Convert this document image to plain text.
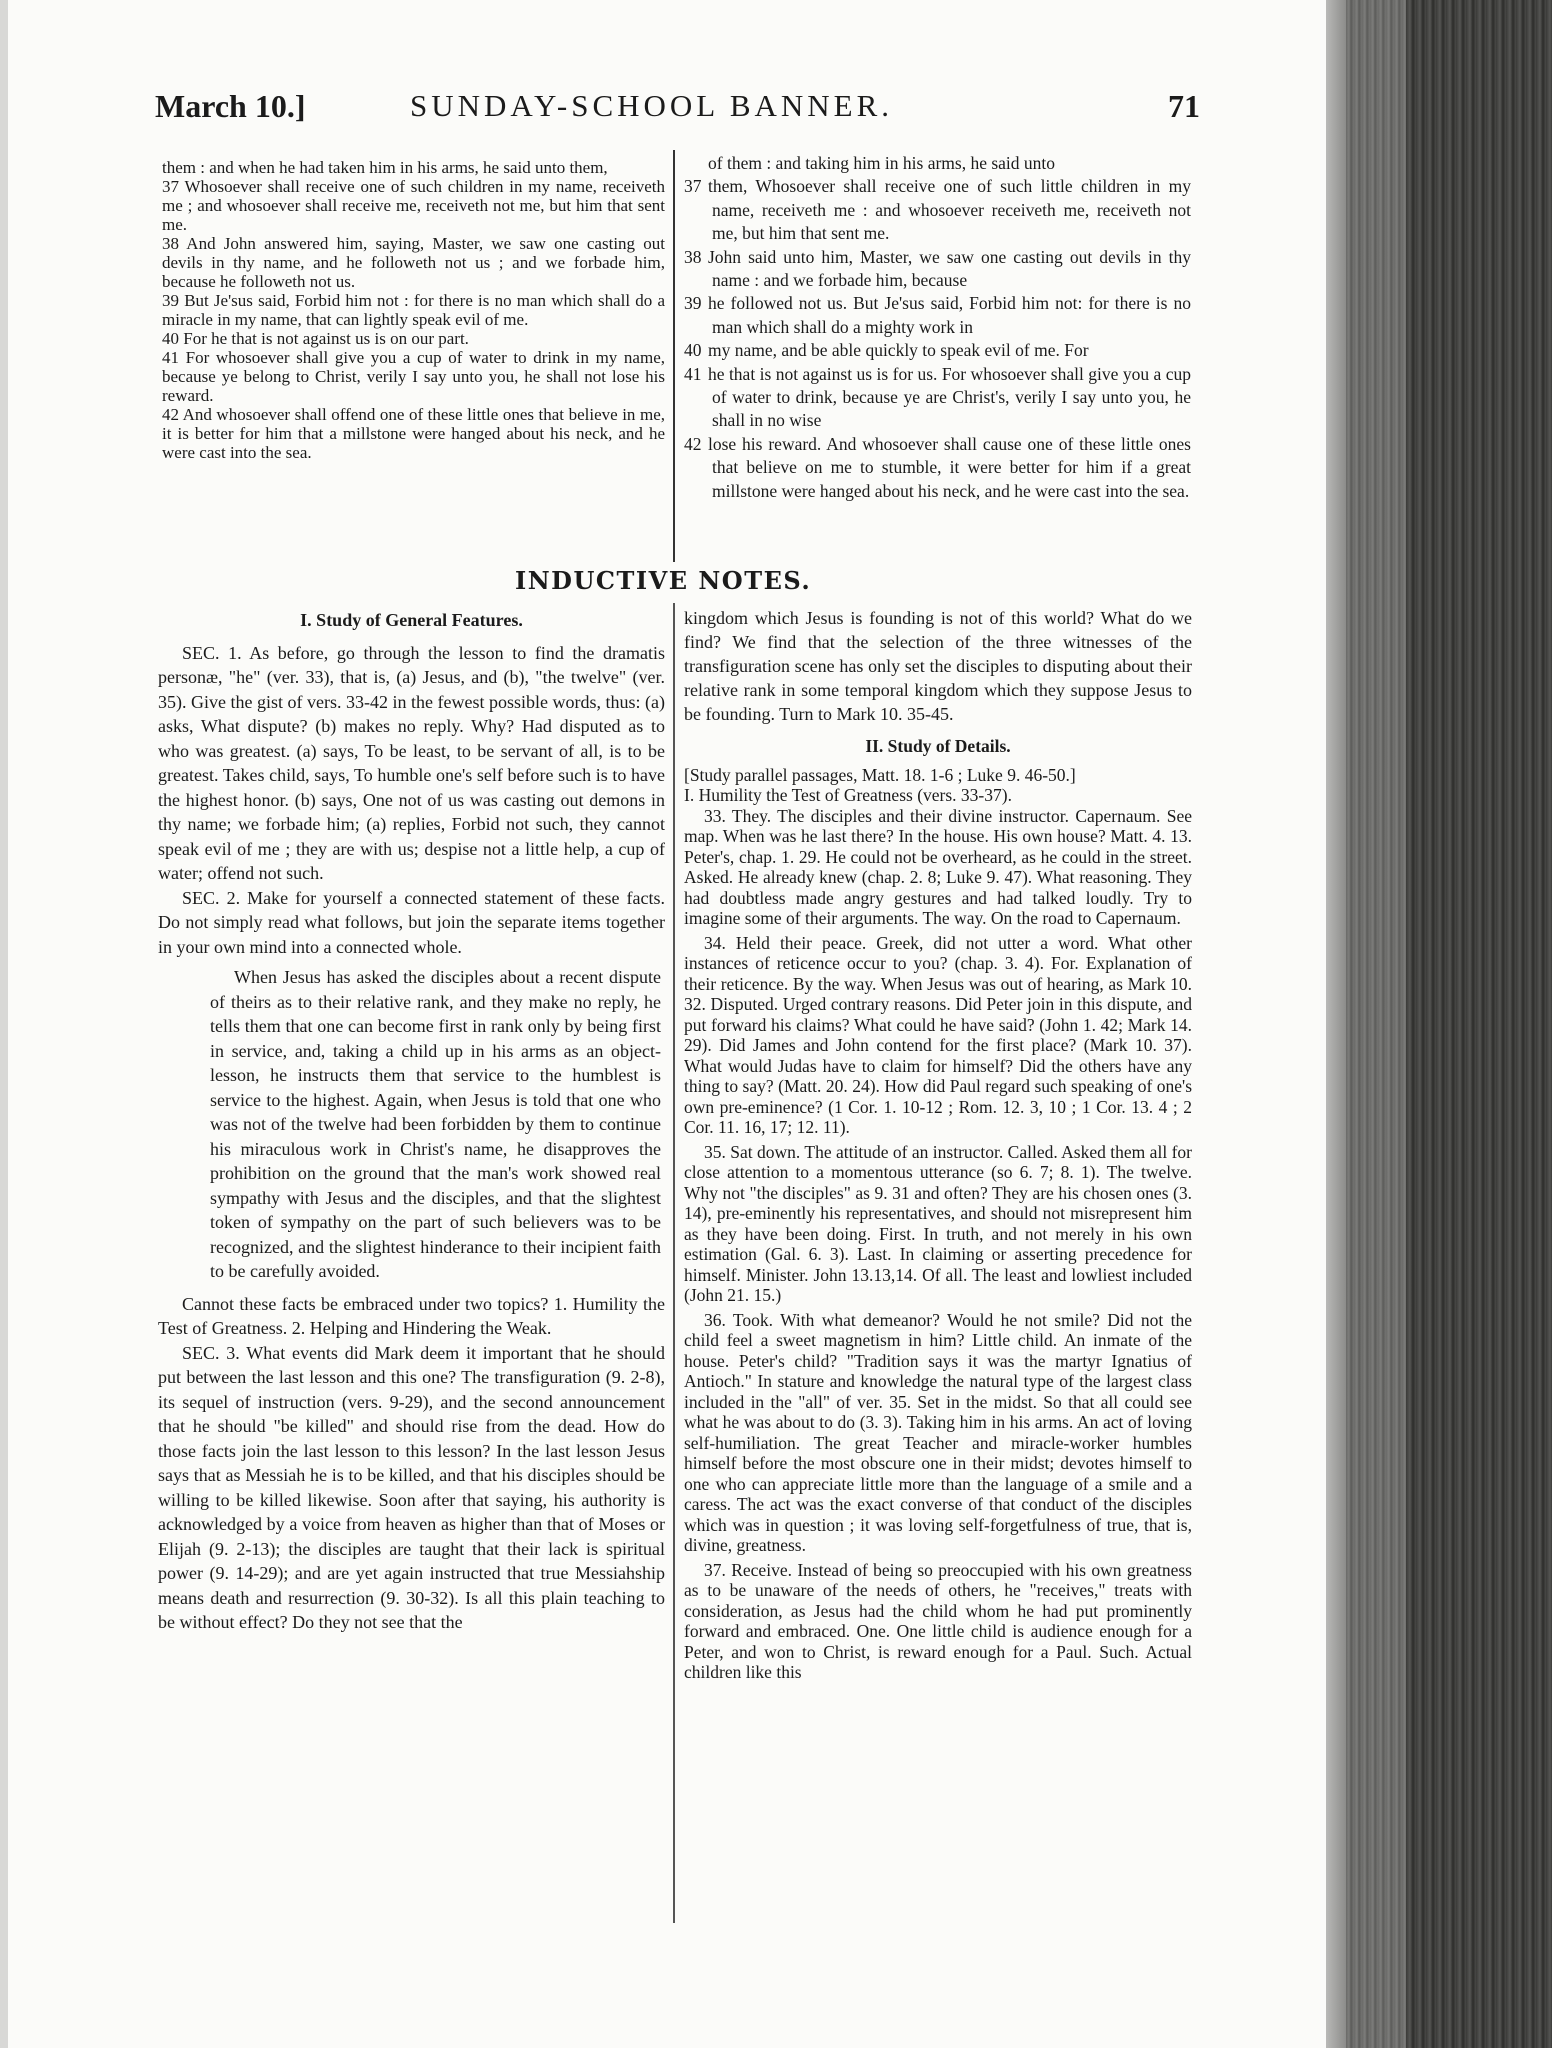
March 10.]	SUNDAY-SCHOOL BANNER.	71

them : and when he had taken him in his arms, he said unto them,

37 Whosoever shall receive one of such children in my name, receiveth me ; and whosoever shall receive me, receiveth not me, but him that sent me.

38 And John answered him, saying, Master, we saw one casting out devils in thy name, and he followeth not us ; and we forbade him, because he followeth not us.

39 But Je'sus said, Forbid him not : for there is no man which shall do a miracle in my name, that can lightly speak evil of me.

40 For he that is not against us is on our part.

41 For whosoever shall give you a cup of water to drink in my name, because ye belong to Christ, verily I say unto you, he shall not lose his reward.

42 And whosoever shall offend one of these little ones that believe in me, it is better for him that a millstone were hanged about his neck, and he were cast into the sea.

of them : and taking him in his arms, he said unto

37 them, Whosoever shall receive one of such little children in my name, receiveth me : and whosoever receiveth me, receiveth not me, but him that sent me.

38 John said unto him, Master, we saw one casting out devils in thy name : and we forbade him, because

39 he followed not us. But Je'sus said, Forbid him not: for there is no man which shall do a mighty work in

40 my name, and be able quickly to speak evil of me. For

41 he that is not against us is for us. For whosoever shall give you a cup of water to drink, because ye are Christ's, verily I say unto you, he shall in no wise

42 lose his reward. And whosoever shall cause one of these little ones that believe on me to stumble, it were better for him if a great millstone were hanged about his neck, and he were cast into the sea.

INDUCTIVE NOTES.

I. Study of General Features.

SEC. 1. As before, go through the lesson to find the dramatis personæ, "he" (ver. 33), that is, (a) Jesus, and (b), "the twelve" (ver. 35). Give the gist of vers. 33-42 in the fewest possible words, thus: (a) asks, What dispute? (b) makes no reply. Why? Had disputed as to who was greatest. (a) says, To be least, to be servant of all, is to be greatest. Takes child, says, To humble one's self before such is to have the highest honor. (b) says, One not of us was casting out demons in thy name; we forbade him; (a) replies, Forbid not such, they cannot speak evil of me ; they are with us; despise not a little help, a cup of water; offend not such.

SEC. 2. Make for yourself a connected statement of these facts. Do not simply read what follows, but join the separate items together in your own mind into a connected whole.

When Jesus has asked the disciples about a recent dispute of theirs as to their relative rank, and they make no reply, he tells them that one can become first in rank only by being first in service, and, taking a child up in his arms as an object-lesson, he instructs them that service to the humblest is service to the highest. Again, when Jesus is told that one who was not of the twelve had been forbidden by them to continue his miraculous work in Christ's name, he disapproves the prohibition on the ground that the man's work showed real sympathy with Jesus and the disciples, and that the slightest token of sympathy on the part of such believers was to be recognized, and the slightest hinderance to their incipient faith to be carefully avoided.

Cannot these facts be embraced under two topics? 1. Humility the Test of Greatness. 2. Helping and Hindering the Weak.

SEC. 3. What events did Mark deem it important that he should put between the last lesson and this one? The transfiguration (9. 2-8), its sequel of instruction (vers. 9-29), and the second announcement that he should "be killed" and should rise from the dead. How do those facts join the last lesson to this lesson? In the last lesson Jesus says that as Messiah he is to be killed, and that his disciples should be willing to be killed likewise. Soon after that saying, his authority is acknowledged by a voice from heaven as higher than that of Moses or Elijah (9. 2-13); the disciples are taught that their lack is spiritual power (9. 14-29); and are yet again instructed that true Messiahship means death and resurrection (9. 30-32). Is all this plain teaching to be without effect? Do they not see that the

kingdom which Jesus is founding is not of this world? What do we find? We find that the selection of the three witnesses of the transfiguration scene has only set the disciples to disputing about their relative rank in some temporal kingdom which they suppose Jesus to be founding. Turn to Mark 10. 35-45.

II. Study of Details.

[Study parallel passages, Matt. 18. 1-6 ; Luke 9. 46-50.]

I. Humility the Test of Greatness (vers. 33-37).

33. They. The disciples and their divine instructor. Capernaum. See map. When was he last there? In the house. His own house? Matt. 4. 13. Peter's, chap. 1. 29. He could not be overheard, as he could in the street. Asked. He already knew (chap. 2. 8; Luke 9. 47). What reasoning. They had doubtless made angry gestures and had talked loudly. Try to imagine some of their arguments. The way. On the road to Capernaum.

34. Held their peace. Greek, did not utter a word. What other instances of reticence occur to you? (chap. 3. 4). For. Explanation of their reticence. By the way. When Jesus was out of hearing, as Mark 10. 32. Disputed. Urged contrary reasons. Did Peter join in this dispute, and put forward his claims? What could he have said? (John 1. 42; Mark 14. 29). Did James and John contend for the first place? (Mark 10. 37). What would Judas have to claim for himself? Did the others have any thing to say? (Matt. 20. 24). How did Paul regard such speaking of one's own pre-eminence? (1 Cor. 1. 10-12 ; Rom. 12. 3, 10 ; 1 Cor. 13. 4 ; 2 Cor. 11. 16, 17; 12. 11).

35. Sat down. The attitude of an instructor. Called. Asked them all for close attention to a momentous utterance (so 6. 7; 8. 1). The twelve. Why not "the disciples" as 9. 31 and often? They are his chosen ones (3. 14), pre-eminently his representatives, and should not misrepresent him as they have been doing. First. In truth, and not merely in his own estimation (Gal. 6. 3). Last. In claiming or asserting precedence for himself. Minister. John 13.13,14. Of all. The least and lowliest included (John 21. 15.)

36. Took. With what demeanor? Would he not smile? Did not the child feel a sweet magnetism in him? Little child. An inmate of the house. Peter's child? "Tradition says it was the martyr Ignatius of Antioch." In stature and knowledge the natural type of the largest class included in the "all" of ver. 35. Set in the midst. So that all could see what he was about to do (3. 3). Taking him in his arms. An act of loving self-humiliation. The great Teacher and miracle-worker humbles himself before the most obscure one in their midst; devotes himself to one who can appreciate little more than the language of a smile and a caress. The act was the exact converse of that conduct of the disciples which was in question ; it was loving self-forgetfulness of true, that is, divine, greatness.

37. Receive. Instead of being so preoccupied with his own greatness as to be unaware of the needs of others, he "receives," treats with consideration, as Jesus had the child whom he had put prominently forward and embraced. One. One little child is audience enough for a Peter, and won to Christ, is reward enough for a Paul. Such. Actual children like this
